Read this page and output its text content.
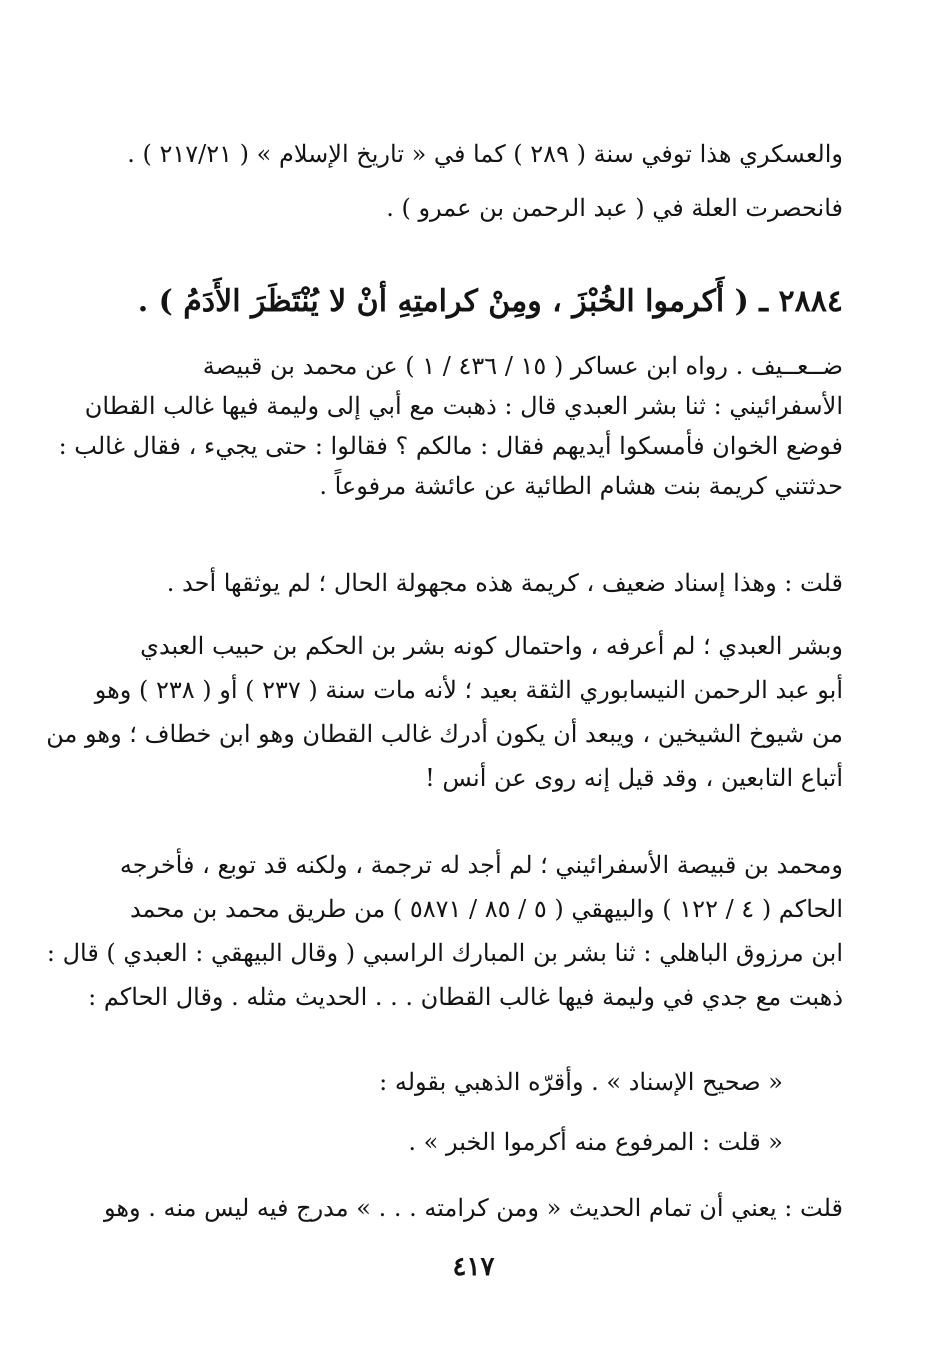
والعسكري هذا توفي سنة ( ٢٨٩ ) كما في « تاريخ الإسلام » ( ٢١٧/٢١ ) .
فانحصرت العلة في ( عبد الرحمن بن عمرو ) .
٢٨٨٤ ـ ( أَكرموا الخُبْزَ ، ومِنْ كرامتِهِ أنْ لا يُنْتَظَرَ الأَدَمُ ) .
ضــعــيف . رواه ابن عساكر ( ١٥ / ٤٣٦ / ١ ) عن محمد بن قبيصة
الأسفرائيني : ثنا بشر العبدي قال : ذهبت مع أبي إلى وليمة فيها غالب القطان
فوضع الخوان فأمسكوا أيديهم فقال : مالكم ؟ فقالوا : حتى يجيء ، فقال غالب :
حدثتني كريمة بنت هشام الطائية عن عائشة مرفوعاً .
قلت : وهذا إسناد ضعيف ، كريمة هذه مجهولة الحال ؛ لم يوثقها أحد .
وبشر العبدي ؛ لم أعرفه ، واحتمال كونه بشر بن الحكم بن حبيب العبدي
أبو عبد الرحمن النيسابوري الثقة بعيد ؛ لأنه مات سنة ( ٢٣٧ ) أو ( ٢٣٨ ) وهو
من شيوخ الشيخين ، ويبعد أن يكون أدرك غالب القطان وهو ابن خطاف ؛ وهو من
أتباع التابعين ، وقد قيل إنه روى عن أنس !
ومحمد بن قبيصة الأسفرائيني ؛ لم أجد له ترجمة ، ولكنه قد توبع ، فأخرجه
الحاكم ( ٤ / ١٢٢ ) والبيهقي ( ٥ / ٨٥ / ٥٨٧١ ) من طريق محمد بن محمد
ابن مرزوق الباهلي : ثنا بشر بن المبارك الراسبي ( وقال البيهقي : العبدي ) قال :
ذهبت مع جدي في وليمة فيها غالب القطان . . . الحديث مثله . وقال الحاكم :
« صحيح الإسناد » . وأقرّه الذهبي بقوله :
« قلت : المرفوع منه أكرموا الخبر » .
قلت : يعني أن تمام الحديث « ومن كرامته . . . » مدرج فيه ليس منه . وهو
٤١٧
